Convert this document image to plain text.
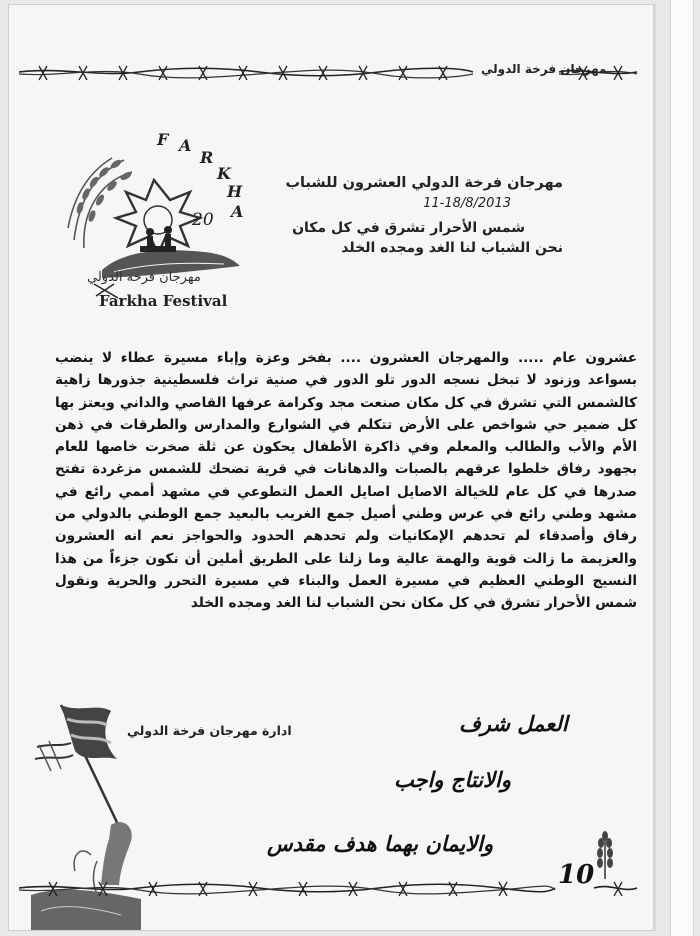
مهرجان فرخة الدولي
F A
R
K
H
A
20
مهرجان فرخة الدولي
Farkha Festival
مهرجان فرخة الدولي العشرون للشباب
11-18/8/2013
شمس الأحرار تشرق في كل مكان
نحن الشباب لنا الغد ومجده الخلد
عشرون عام ..... والمهرجان العشرون .... بفخر وعزة وإباء مسيرة عطاء لا ينضب بسواعد وزنود لا تبخل نسجه الدور تلو الدور في صنية تراث فلسطينية جذورها زاهية كالشمس التي تشرق في كل مكان صنعت مجد وكرامة عرفها القاصي والداني ويعتز بها كل ضمير حي شواخص على الأرض تتكلم في الشوارع والمدارس والطرقات في ذهن الأم والأب والطالب والمعلم وفي ذاكرة الأطفال يحكون عن ثلة صخرت خاصها للعام بجهود رفاق خلطوا عرقهم بالصبات والدهانات في قرية تضحك للشمس مزغردة تفتح صدرها في كل عام للخيالة الاصايل اصايل العمل التطوعي في مشهد أممي رائع في مشهد وطني رائع في عرس وطني أصيل جمع الغريب بالبعيد جمع الوطني بالدولي من رفاق وأصدقاء لم تحدهم الإمكانيات ولم تحدهم الحدود والحواجز نعم انه العشرون والعزيمة ما زالت قوية والهمة عالية وما زلنا على الطريق أملين أن نكون جزءاً من هذا النسيج الوطني العظيم في مسيرة العمل والبناء في مسيرة التحرر والحرية ونقول شمس الأحرار تشرق في كل مكان نحن الشباب لنا الغد ومجده الخلد
ادارة مهرجان فرخة الدولي	العمل شرف
والانتاج واجب
والايمان بهما هدف مقدس
10
